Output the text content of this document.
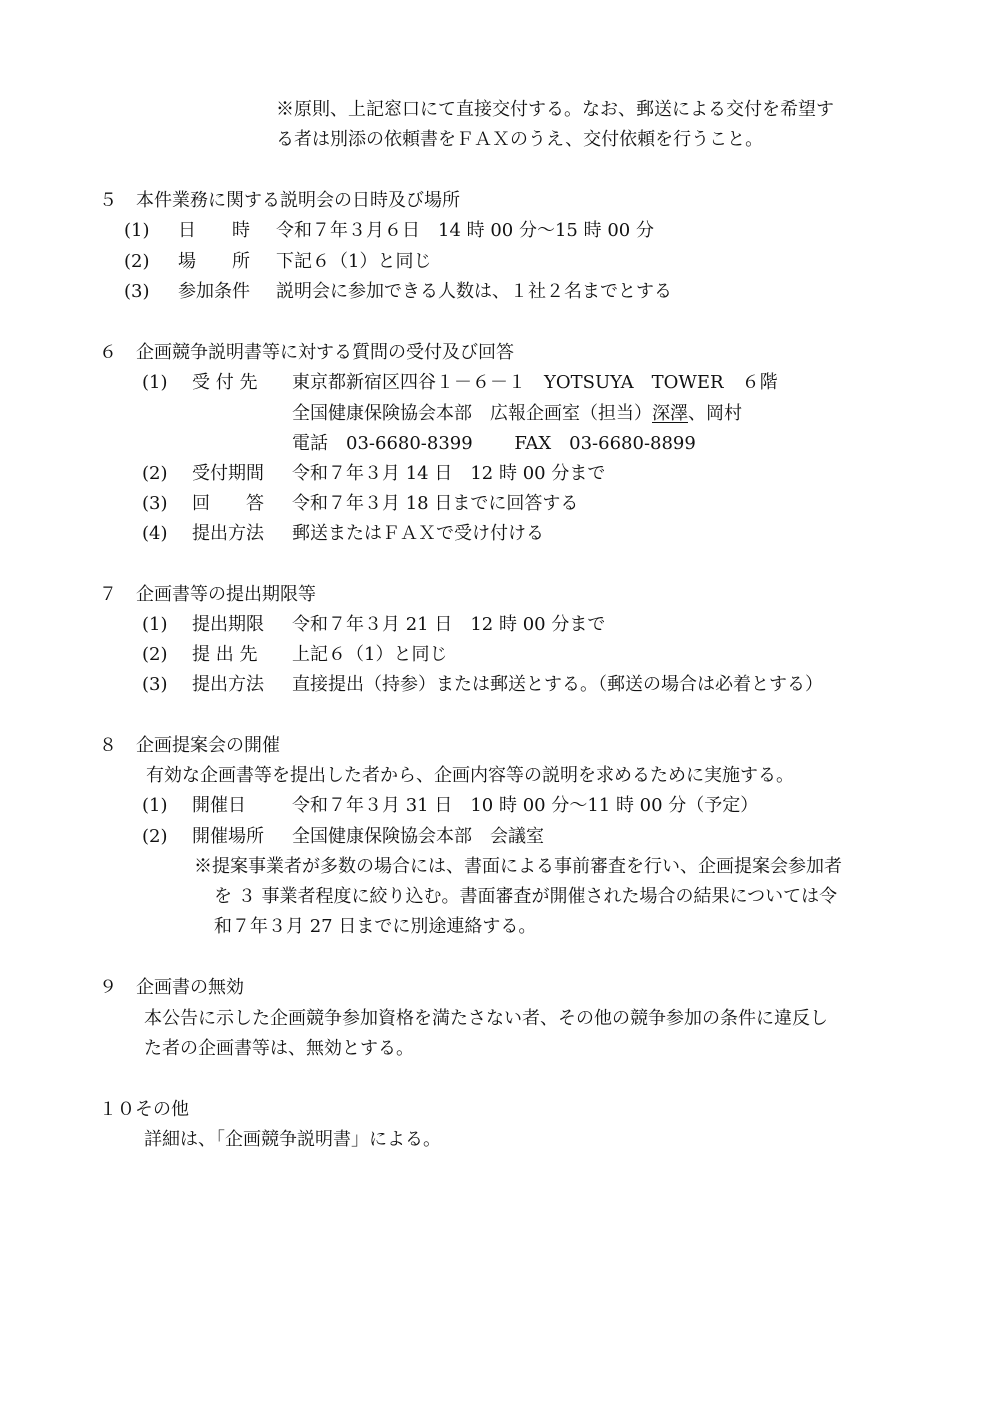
※原則、上記窓口にて直接交付する。なお、郵送による交付を希望す
る者は別添の依頼書をＦＡＸのうえ、交付依頼を行うこと。
５ 本件業務に関する説明会の日時及び場所
(1) 日　　時 令和７年３月６日　14 時 00 分～15 時 00 分
(2) 場　　所 下記６（1）と同じ
(3) 参加条件 説明会に参加できる人数は、１社２名までとする
６ 企画競争説明書等に対する質問の受付及び回答
(1) 受 付 先 東京都新宿区四谷１－６－１　YOTSUYA　TOWER　６階
全国健康保険協会本部　広報企画室（担当）深澤、岡村
電話　03-6680-8399　　 FAX　03-6680-8899
(2) 受付期間 令和７年３月 14 日　12 時 00 分まで
(3) 回　　答 令和７年３月 18 日までに回答する
(4) 提出方法 郵送またはＦＡＸで受け付ける
７ 企画書等の提出期限等
(1) 提出期限 令和７年３月 21 日　12 時 00 分まで
(2) 提 出 先 上記６（1）と同じ
(3) 提出方法 直接提出（持参）または郵送とする。（郵送の場合は必着とする）
８ 企画提案会の開催
有効な企画書等を提出した者から、企画内容等の説明を求めるために実施する。
(1) 開催日	令和７年３月 31 日　10 時 00 分～11 時 00 分（予定）
(2) 開催場所 全国健康保険協会本部　会議室
※提案事業者が多数の場合には、書面による事前審査を行い、企画提案会参加者
を ３ 事業者程度に絞り込む。書面審査が開催された場合の結果については令
和７年３月 27 日までに別途連絡する。
９ 企画書の無効
本公告に示した企画競争参加資格を満たさない者、その他の競争参加の条件に違反し
た者の企画書等は、無効とする。
１０その他
詳細は、「企画競争説明書」による。
